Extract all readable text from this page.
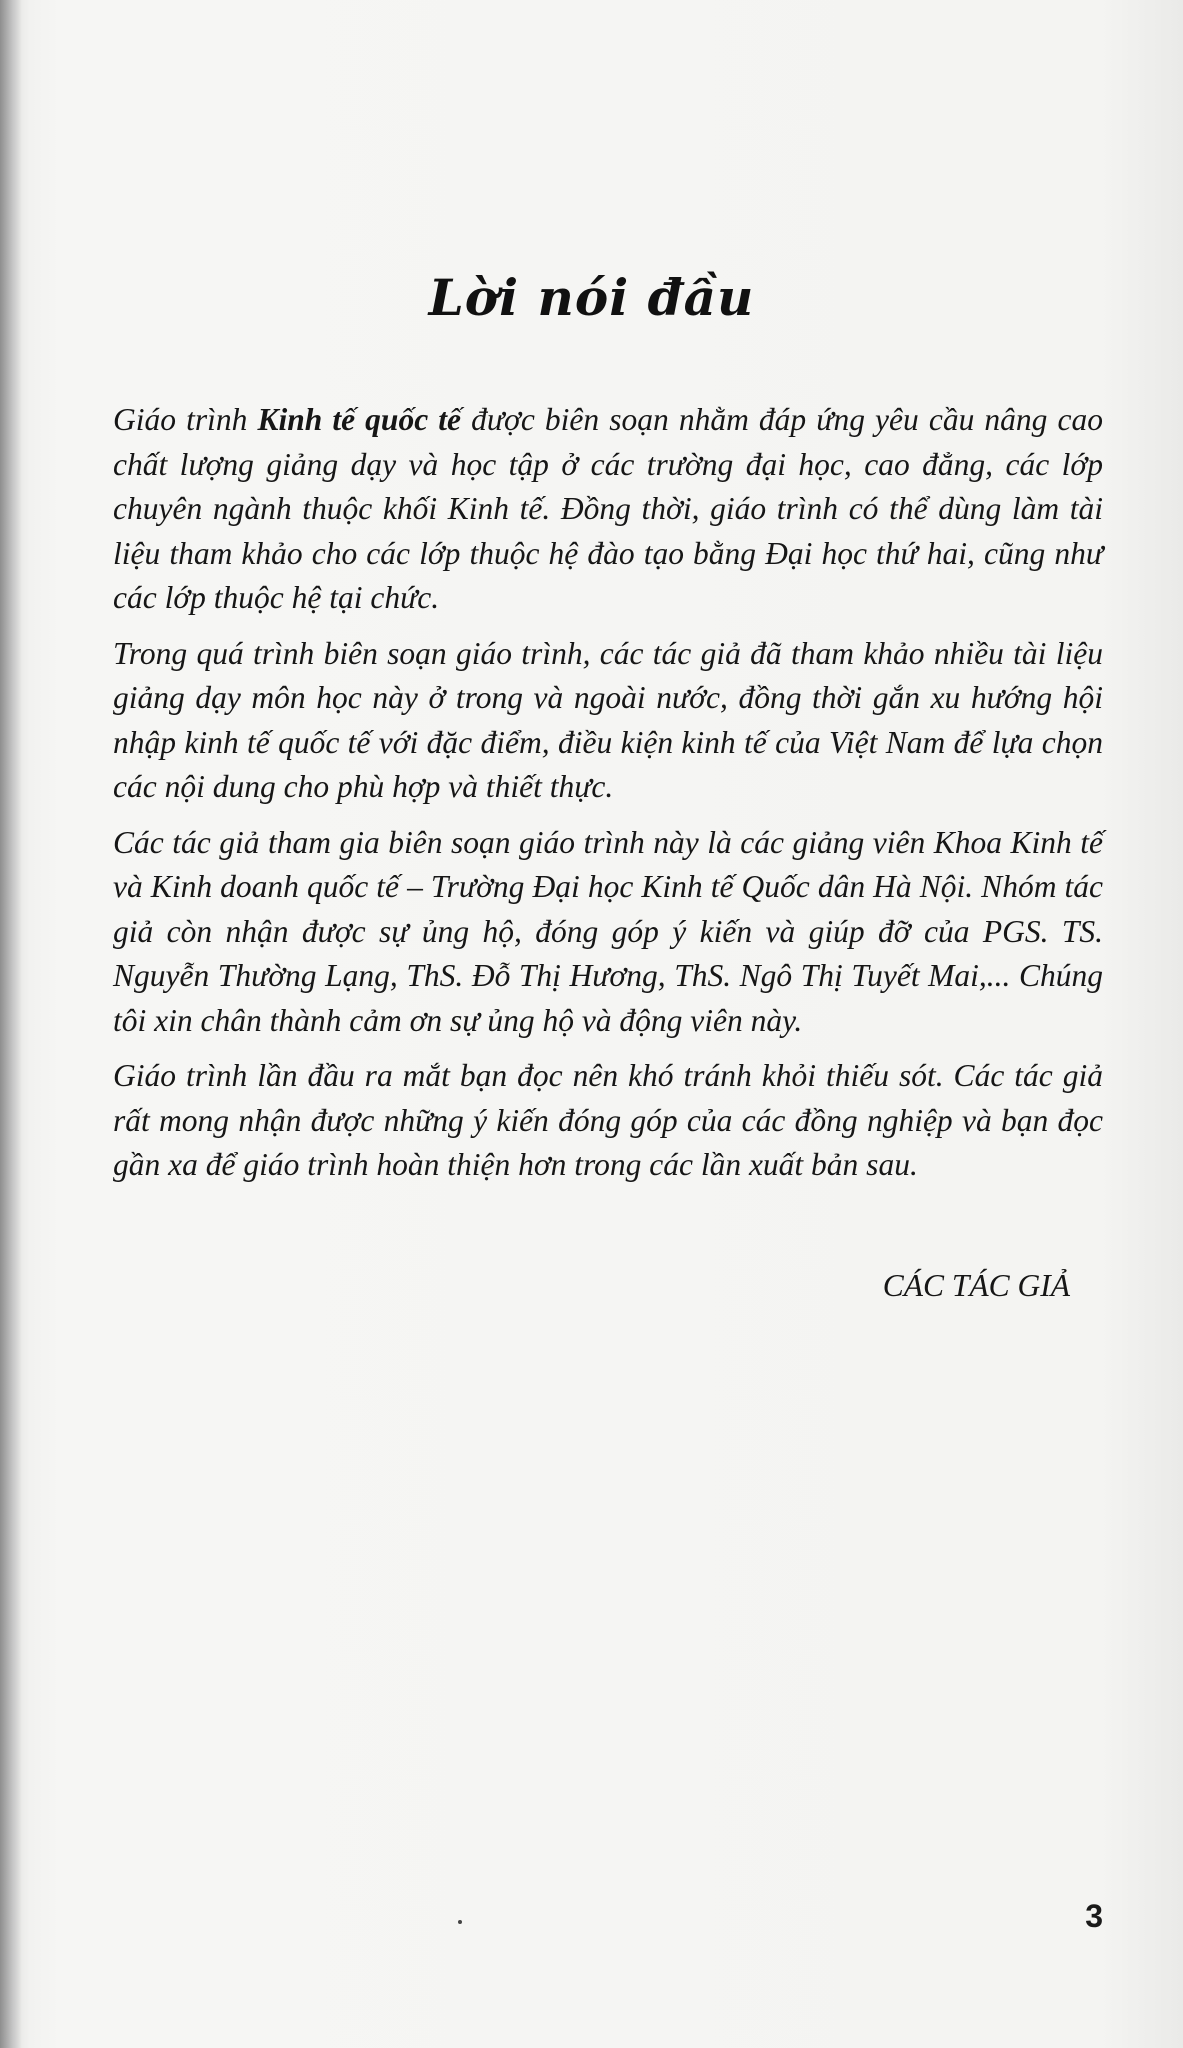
Lời nói đầu

Giáo trình Kinh tế quốc tế được biên soạn nhằm đáp ứng yêu cầu nâng cao chất lượng giảng dạy và học tập ở các trường đại học, cao đẳng, các lớp chuyên ngành thuộc khối Kinh tế. Đồng thời, giáo trình có thể dùng làm tài liệu tham khảo cho các lớp thuộc hệ đào tạo bằng Đại học thứ hai, cũng như các lớp thuộc hệ tại chức.

Trong quá trình biên soạn giáo trình, các tác giả đã tham khảo nhiều tài liệu giảng dạy môn học này ở trong và ngoài nước, đồng thời gắn xu hướng hội nhập kinh tế quốc tế với đặc điểm, điều kiện kinh tế của Việt Nam để lựa chọn các nội dung cho phù hợp và thiết thực.

Các tác giả tham gia biên soạn giáo trình này là các giảng viên Khoa Kinh tế và Kinh doanh quốc tế – Trường Đại học Kinh tế Quốc dân Hà Nội. Nhóm tác giả còn nhận được sự ủng hộ, đóng góp ý kiến và giúp đỡ của PGS. TS. Nguyễn Thường Lạng, ThS. Đỗ Thị Hương, ThS. Ngô Thị Tuyết Mai,... Chúng tôi xin chân thành cảm ơn sự ủng hộ và động viên này.

Giáo trình lần đầu ra mắt bạn đọc nên khó tránh khỏi thiếu sót. Các tác giả rất mong nhận được những ý kiến đóng góp của các đồng nghiệp và bạn đọc gần xa để giáo trình hoàn thiện hơn trong các lần xuất bản sau.

CÁC TÁC GIẢ
3
